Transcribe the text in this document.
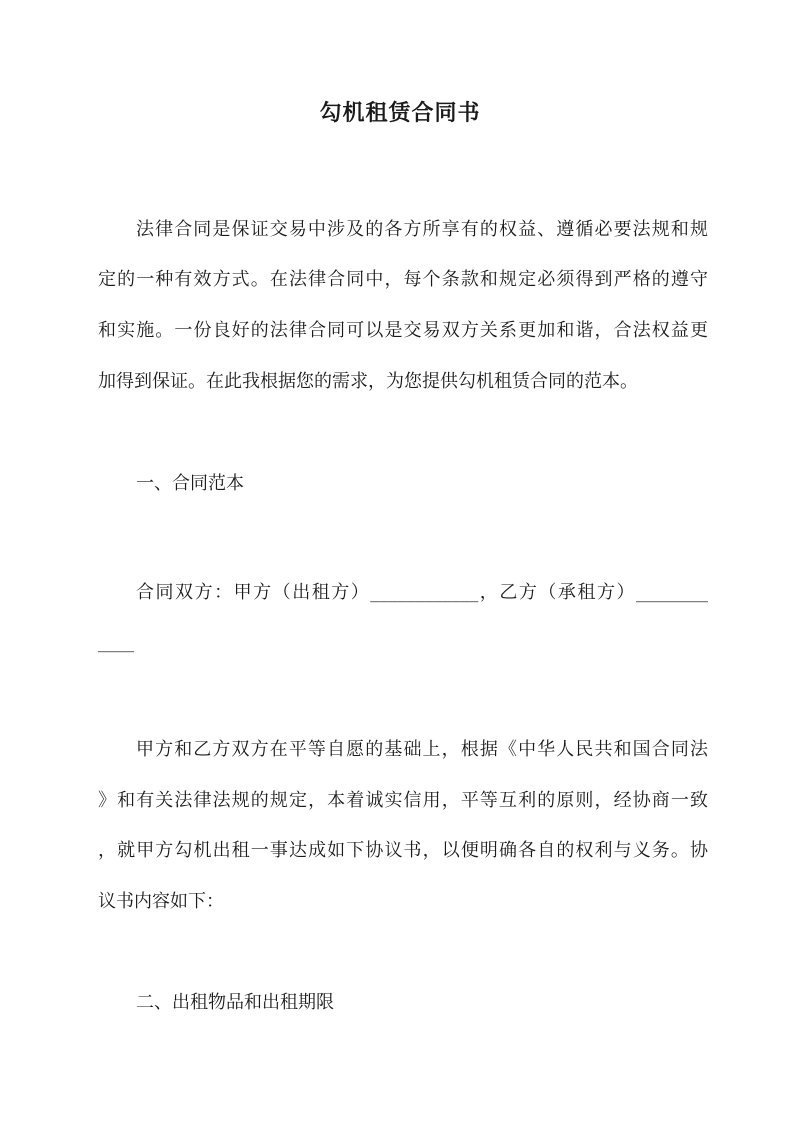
勾机租赁合同书
法律合同是保证交易中涉及的各方所享有的权益、遵循必要法规和规
定的一种有效方式。在法律合同中，每个条款和规定必须得到严格的遵守
和实施。一份良好的法律合同可以是交易双方关系更加和谐，合法权益更
加得到保证。在此我根据您的需求，为您提供勾机租赁合同的范本。
一、合同范本
合同双方：甲方（出租方）____________，乙方（承租方）________
____
甲方和乙方双方在平等自愿的基础上，根据《中华人民共和国合同法
》和有关法律法规的规定，本着诚实信用，平等互利的原则，经协商一致
，就甲方勾机出租一事达成如下协议书，以便明确各自的权利与义务。协
议书内容如下：
二、出租物品和出租期限
